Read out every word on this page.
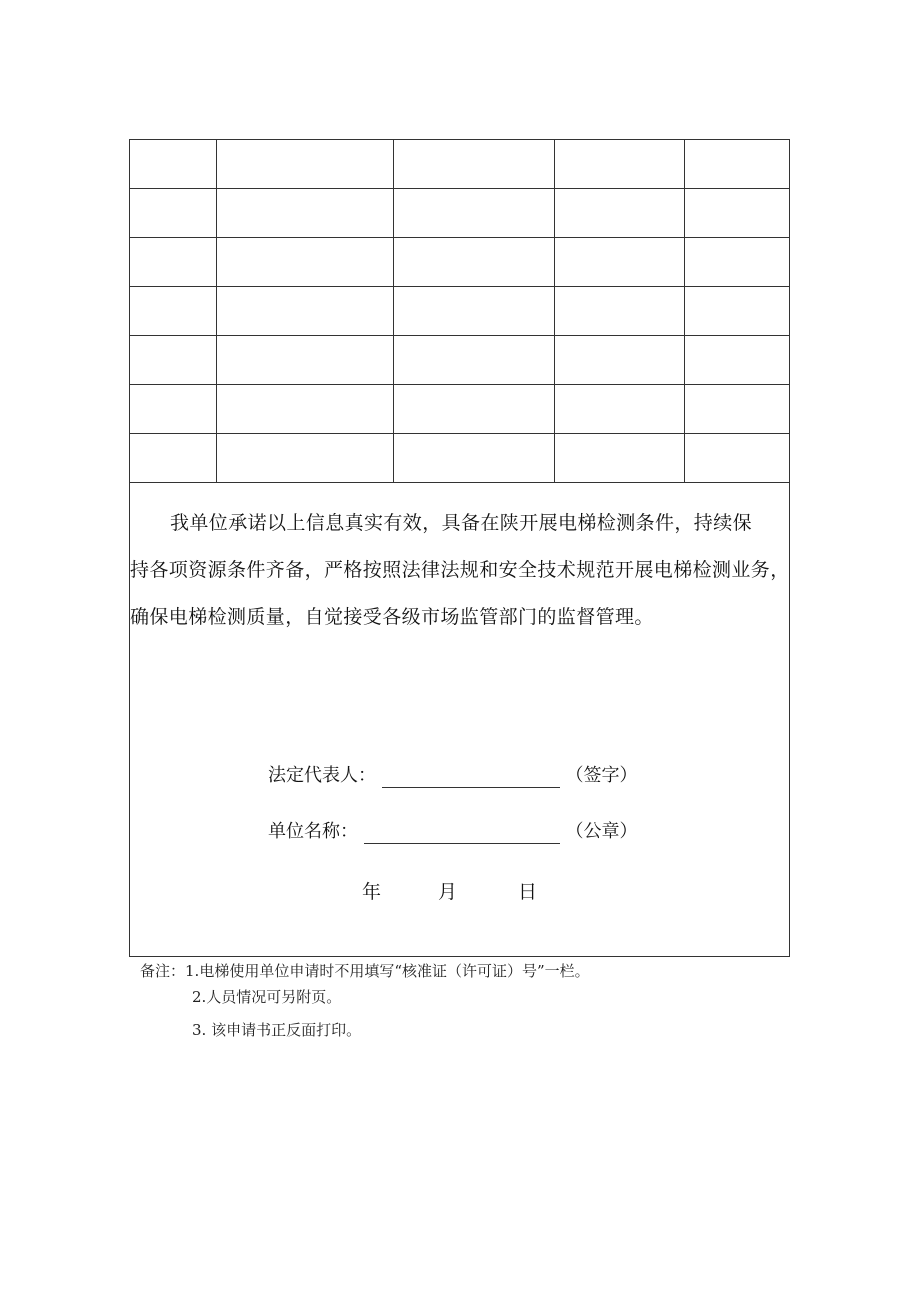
我单位承诺以上信息真实有效，具备在陕开展电梯检测条件，持续保
持各项资源条件齐备，严格按照法律法规和安全技术规范开展电梯检测业务，
确保电梯检测质量，自觉接受各级市场监管部门的监督管理。

法定代表人：	（签字）
单位名称：	（公章）
年	月	日
备注：1.电梯使用单位申请时不用填写“核准证（许可证）号”一栏。
2.人员情况可另附页。
3. 该申请书正反面打印。
